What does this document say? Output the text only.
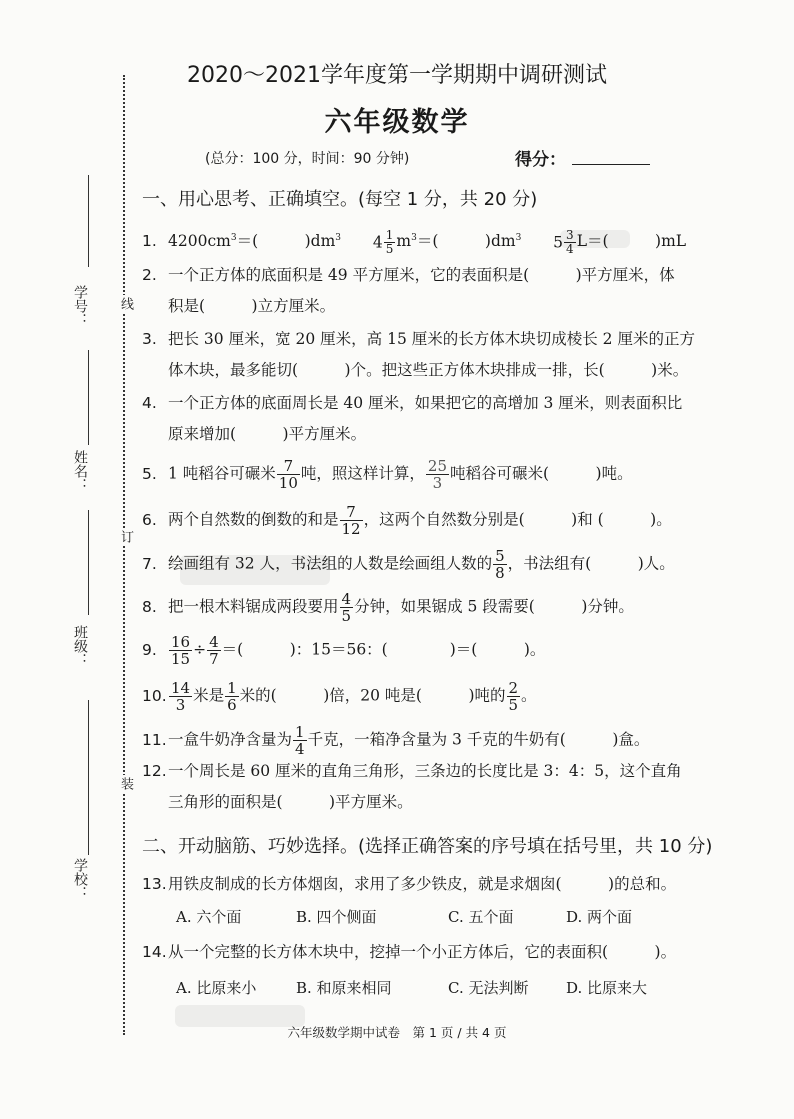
学号：
姓名：
班级：
学校：
线
订
装
2020～2021学年度第一学期期中调研测试
六年级数学
(总分：100 分，时间：90 分钟)	得分：
一、用心思考、正确填空。(每空 1 分，共 20 分)
1. $4200cm^3=$(　　　)$dm^3$ $4 \frac{1}{5} m^3=$(　　　)$dm^3$ $5 \frac{3}{4} L=$(　　　)mL
2. 一个正方体的底面积是 49 平方厘米，它的表面积是(　　　)平方厘米，体
积是(　　　)立方厘米。
3. 把长 30 厘米，宽 20 厘米，高 15 厘米的长方体木块切成棱长 2 厘米的正方
体木块，最多能切(　　　)个。把这些正方体木块排成一排，长(　　　)米。
4. 一个正方体的底面周长是 40 厘米，如果把它的高增加 3 厘米，则表面积比
原来增加(　　　)平方厘米。
5. 1 吨稻谷可碾米 $\frac{7}{10}$ 吨，照这样计算， $\frac{25}{3}$ 吨稻谷可碾米(　　　)吨。
6. 两个自然数的倒数的和是 $\frac{7}{12}$ ，这两个自然数分别是(　　　)和 (　　　)。
7. 绘画组有 32 人，书法组的人数是绘画组人数的 $\frac{5}{8}$ ，书法组有(　　　)人。
8. 把一根木料锯成两段要用 $\frac{4}{5}$ 分钟，如果锯成 5 段需要(　　　)分钟。
9. $\frac{16}{15} \div \frac{4}{7}$ ＝(　　　)：15＝56：(　　　　)＝(　　　)。
10. $\frac{14}{3}$ 米是 $\frac{1}{6}$ 米的(　　　)倍，20 吨是(　　　)吨的 $\frac{2}{5}$ 。
11.一盒牛奶净含量为 $\frac{1}{4}$ 千克，一箱净含量为 3 千克的牛奶有(　　　)盒。
12.一个周长是 60 厘米的直角三角形，三条边的长度比是 3：4：5，这个直角
三角形的面积是(　　　)平方厘米。
二、开动脑筋、巧妙选择。(选择正确答案的序号填在括号里，共 10 分)
13.用铁皮制成的长方体烟囱，求用了多少铁皮，就是求烟囱(　　　)的总和。
A. 六个面	B. 四个侧面	C. 五个面	D. 两个面
14.从一个完整的长方体木块中，挖掉一个小正方体后，它的表面积(　　　)。
A. 比原来小	B. 和原来相同	C. 无法判断	D. 比原来大
六年级数学期中试卷　第 1 页 / 共 4 页
